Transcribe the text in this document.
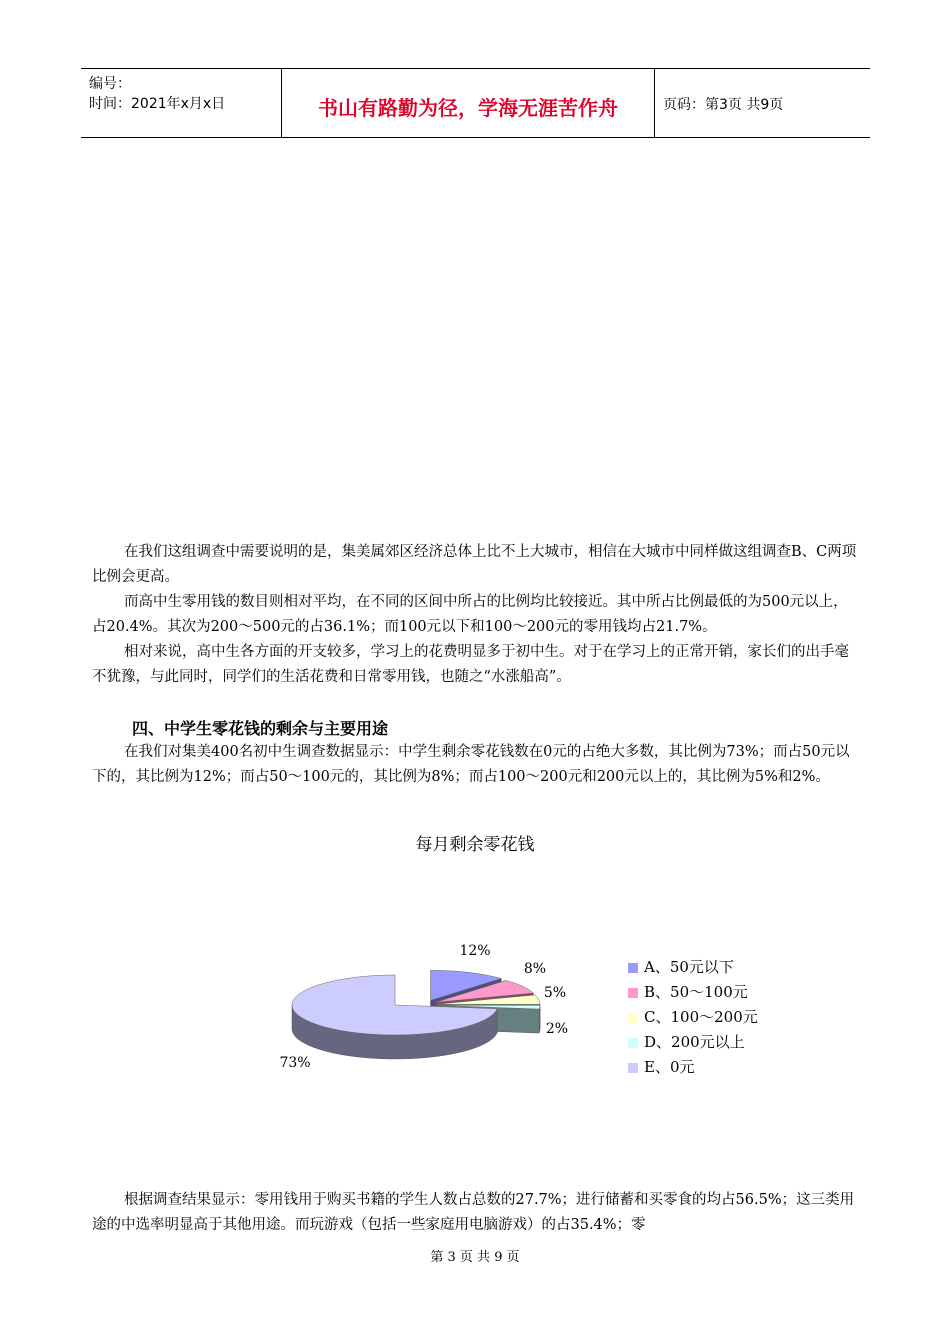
编号：
时间：2021年x月x日	书山有路勤为径，学海无涯苦作舟	页码：第3页 共9页

在我们这组调查中需要说明的是，集美属郊区经济总体上比不上大城市，相信在大城市中同样做这组调查B、C两项比例会更高。

而高中生零用钱的数目则相对平均，在不同的区间中所占的比例均比较接近。其中所占比例最低的为500元以上，占20.4%。其次为200～500元的占36.1%；而100元以下和100～200元的零用钱均占21.7%。

相对来说，高中生各方面的开支较多，学习上的花费明显多于初中生。对于在学习上的正常开销，家长们的出手毫不犹豫，与此同时，同学们的生活花费和日常零用钱，也随之“水涨船高”。

四、中学生零花钱的剩余与主要用途

在我们对集美400名初中生调查数据显示：中学生剩余零花钱数在0元的占绝大多数，其比例为73%；而占50元以下的，其比例为12%；而占50～100元的，其比例为8%；而占100～200元和200元以上的，其比例为5%和2%。

每月剩余零花钱
12%
8%
5%
2%
73%
A、50元以下
B、50～100元
C、100～200元
D、200元以上
E、0元

根据调查结果显示：零用钱用于购买书籍的学生人数占总数的27.7%；进行储蓄和买零食的均占56.5%；这三类用途的中选率明显高于其他用途。而玩游戏（包括一些家庭用电脑游戏）的占35.4%；零

第 3 页 共 9 页
